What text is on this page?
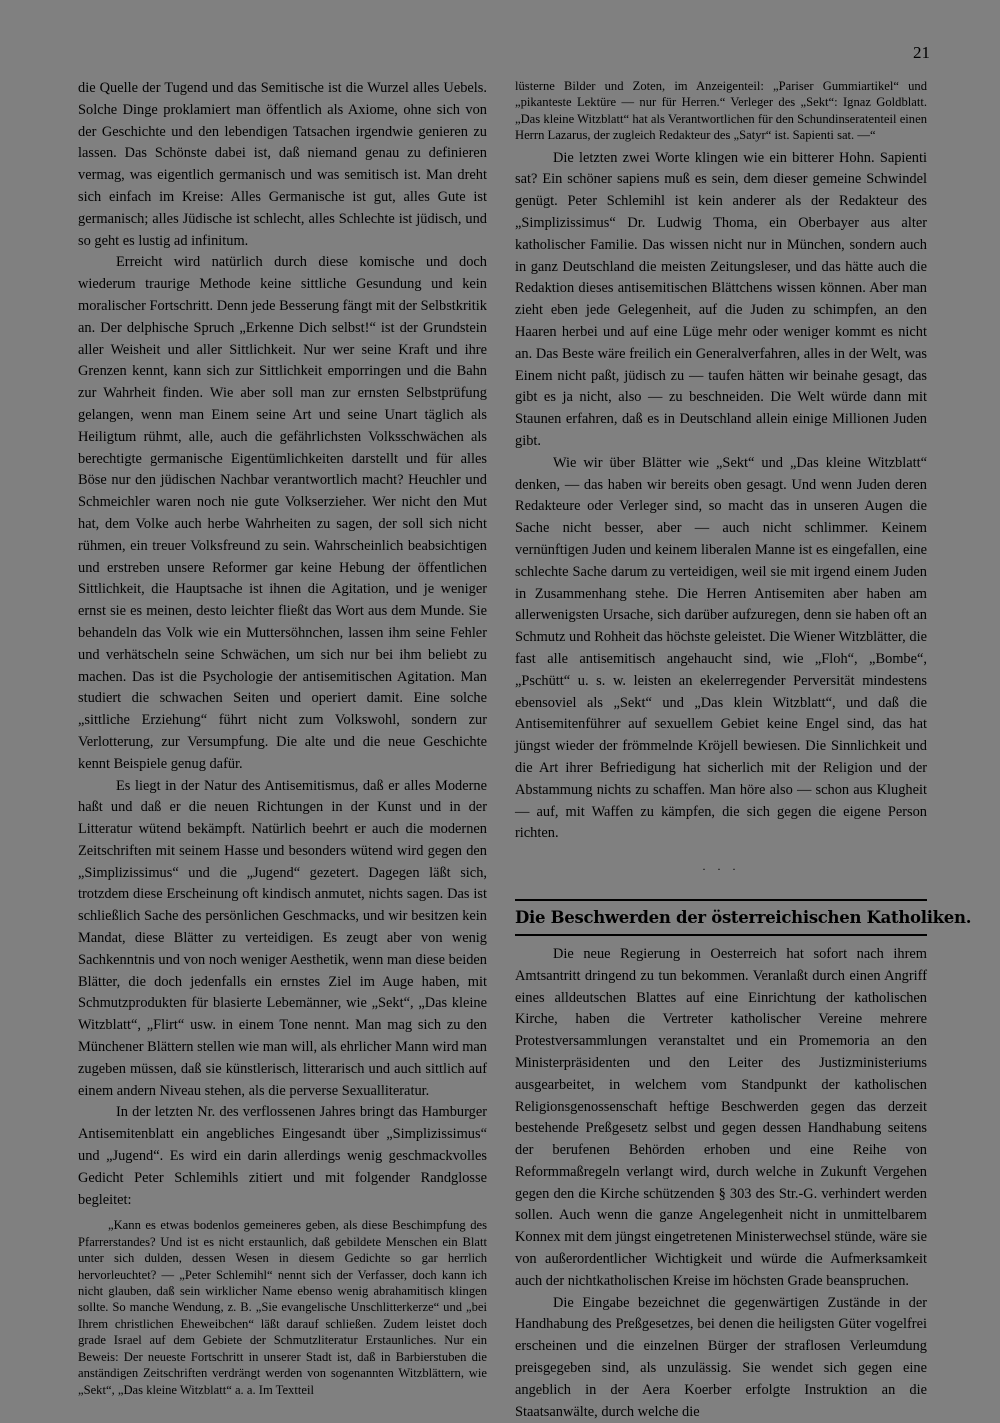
21

die Quelle der Tugend und das Semitische ist die Wurzel alles Uebels. Solche Dinge proklamiert man öffentlich als Axiome, ohne sich von der Geschichte und den lebendigen Tatsachen irgendwie genieren zu lassen. Das Schönste dabei ist, daß niemand genau zu definieren vermag, was eigentlich germanisch und was semitisch ist. Man dreht sich einfach im Kreise: Alles Germanische ist gut, alles Gute ist germanisch; alles Jüdische ist schlecht, alles Schlechte ist jüdisch, und so geht es lustig ad infinitum.

Erreicht wird natürlich durch diese komische und doch wiederum traurige Methode keine sittliche Gesundung und kein moralischer Fortschritt. Denn jede Besserung fängt mit der Selbstkritik an. Der delphische Spruch „Erkenne Dich selbst!“ ist der Grundstein aller Weisheit und aller Sittlichkeit. Nur wer seine Kraft und ihre Grenzen kennt, kann sich zur Sittlichkeit emporringen und die Bahn zur Wahrheit finden. Wie aber soll man zur ernsten Selbstprüfung gelangen, wenn man Einem seine Art und seine Unart täglich als Heiligtum rühmt, alle, auch die gefährlichsten Volksschwächen als berechtigte germanische Eigentümlichkeiten darstellt und für alles Böse nur den jüdischen Nachbar verantwortlich macht? Heuchler und Schmeichler waren noch nie gute Volkserzieher. Wer nicht den Mut hat, dem Volke auch herbe Wahrheiten zu sagen, der soll sich nicht rühmen, ein treuer Volksfreund zu sein. Wahrscheinlich beabsichtigen und erstreben unsere Reformer gar keine Hebung der öffentlichen Sittlichkeit, die Hauptsache ist ihnen die Agitation, und je weniger ernst sie es meinen, desto leichter fließt das Wort aus dem Munde. Sie behandeln das Volk wie ein Muttersöhnchen, lassen ihm seine Fehler und verhätscheln seine Schwächen, um sich nur bei ihm beliebt zu machen. Das ist die Psychologie der antisemitischen Agitation. Man studiert die schwachen Seiten und operiert damit. Eine solche „sittliche Erziehung“ führt nicht zum Volkswohl, sondern zur Verlotterung, zur Versumpfung. Die alte und die neue Geschichte kennt Beispiele genug dafür.

Es liegt in der Natur des Antisemitismus, daß er alles Moderne haßt und daß er die neuen Richtungen in der Kunst und in der Litteratur wütend bekämpft. Natürlich beehrt er auch die modernen Zeitschriften mit seinem Hasse und besonders wütend wird gegen den „Simplizissimus“ und die „Jugend“ gezetert. Dagegen läßt sich, trotzdem diese Erscheinung oft kindisch anmutet, nichts sagen. Das ist schließlich Sache des persönlichen Geschmacks, und wir besitzen kein Mandat, diese Blätter zu verteidigen. Es zeugt aber von wenig Sachkenntnis und von noch weniger Aesthetik, wenn man diese beiden Blätter, die doch jedenfalls ein ernstes Ziel im Auge haben, mit Schmutzprodukten für blasierte Lebemänner, wie „Sekt“, „Das kleine Witzblatt“, „Flirt“ usw. in einem Tone nennt. Man mag sich zu den Münchener Blättern stellen wie man will, als ehrlicher Mann wird man zugeben müssen, daß sie künstlerisch, litterarisch und auch sittlich auf einem andern Niveau stehen, als die perverse Sexualliteratur.

In der letzten Nr. des verflossenen Jahres bringt das Hamburger Antisemitenblatt ein angebliches Eingesandt über „Simplizissimus“ und „Jugend“. Es wird ein darin allerdings wenig geschmackvolles Gedicht Peter Schlemihls zitiert und mit folgender Randglosse begleitet:

„Kann es etwas bodenlos gemeineres geben, als diese Beschimpfung des Pfarrerstandes? Und ist es nicht erstaunlich, daß gebildete Menschen ein Blatt unter sich dulden, dessen Wesen in diesem Gedichte so gar herrlich hervorleuchtet? — „Peter Schlemihl“ nennt sich der Verfasser, doch kann ich nicht glauben, daß sein wirklicher Name ebenso wenig abrahamitisch klingen sollte. So manche Wendung, z. B. „Sie evangelische Unschlitterkerze“ und „bei Ihrem christlichen Eheweibchen“ läßt darauf schließen. Zudem leistet doch grade Israel auf dem Gebiete der Schmutzliteratur Erstaunliches. Nur ein Beweis: Der neueste Fortschritt in unserer Stadt ist, daß in Barbierstuben die anständigen Zeitschriften verdrängt werden von sogenannten Witzblättern, wie „Sekt“, „Das kleine Witzblatt“ a. a. Im Textteil

lüsterne Bilder und Zoten, im Anzeigenteil: „Pariser Gummiartikel“ und „pikanteste Lektüre — nur für Herren.“ Verleger des „Sekt“: Ignaz Goldblatt. „Das kleine Witzblatt“ hat als Verantwortlichen für den Schundinseratenteil einen Herrn Lazarus, der zugleich Redakteur des „Satyr“ ist. Sapienti sat. —“

Die letzten zwei Worte klingen wie ein bitterer Hohn. Sapienti sat? Ein schöner sapiens muß es sein, dem dieser gemeine Schwindel genügt. Peter Schlemihl ist kein anderer als der Redakteur des „Simplizissimus“ Dr. Ludwig Thoma, ein Oberbayer aus alter katholischer Familie. Das wissen nicht nur in München, sondern auch in ganz Deutschland die meisten Zeitungsleser, und das hätte auch die Redaktion dieses antisemitischen Blättchens wissen können. Aber man zieht eben jede Gelegenheit, auf die Juden zu schimpfen, an den Haaren herbei und auf eine Lüge mehr oder weniger kommt es nicht an. Das Beste wäre freilich ein Generalverfahren, alles in der Welt, was Einem nicht paßt, jüdisch zu — taufen hätten wir beinahe gesagt, das gibt es ja nicht, also — zu beschneiden. Die Welt würde dann mit Staunen erfahren, daß es in Deutschland allein einige Millionen Juden gibt.

Wie wir über Blätter wie „Sekt“ und „Das kleine Witzblatt“ denken, — das haben wir bereits oben gesagt. Und wenn Juden deren Redakteure oder Verleger sind, so macht das in unseren Augen die Sache nicht besser, aber — auch nicht schlimmer. Keinem vernünftigen Juden und keinem liberalen Manne ist es eingefallen, eine schlechte Sache darum zu verteidigen, weil sie mit irgend einem Juden in Zusammenhang stehe. Die Herren Antisemiten aber haben am allerwenigsten Ursache, sich darüber aufzuregen, denn sie haben oft an Schmutz und Rohheit das höchste geleistet. Die Wiener Witzblätter, die fast alle antisemitisch angehaucht sind, wie „Floh“, „Bombe“, „Pschütt“ u. s. w. leisten an ekelerregender Perversität mindestens ebensoviel als „Sekt“ und „Das klein Witzblatt“, und daß die Antisemitenführer auf sexuellem Gebiet keine Engel sind, das hat jüngst wieder der frömmelnde Kröjell bewiesen. Die Sinnlichkeit und die Art ihrer Befriedigung hat sicherlich mit der Religion und der Abstammung nichts zu schaffen. Man höre also — schon aus Klugheit — auf, mit Waffen zu kämpfen, die sich gegen die eigene Person richten.

· · ·
Die Beschwerden der österreichischen Katholiken.

Die neue Regierung in Oesterreich hat sofort nach ihrem Amtsantritt dringend zu tun bekommen. Veranlaßt durch einen Angriff eines alldeutschen Blattes auf eine Einrichtung der katholischen Kirche, haben die Vertreter katholischer Vereine mehrere Protestversammlungen veranstaltet und ein Promemoria an den Ministerpräsidenten und den Leiter des Justizministeriums ausgearbeitet, in welchem vom Standpunkt der katholischen Religionsgenossenschaft heftige Beschwerden gegen das derzeit bestehende Preßgesetz selbst und gegen dessen Handhabung seitens der berufenen Behörden erhoben und eine Reihe von Reformmaßregeln verlangt wird, durch welche in Zukunft Vergehen gegen den die Kirche schützenden § 303 des Str.-G. verhindert werden sollen. Auch wenn die ganze Angelegenheit nicht in unmittelbarem Konnex mit dem jüngst eingetretenen Ministerwechsel stünde, wäre sie von außerordentlicher Wichtigkeit und würde die Aufmerksamkeit auch der nichtkatholischen Kreise im höchsten Grade beanspruchen.

Die Eingabe bezeichnet die gegenwärtigen Zustände in der Handhabung des Preßgesetzes, bei denen die heiligsten Güter vogelfrei erscheinen und die einzelnen Bürger der straflosen Verleumdung preisgegeben sind, als unzulässig. Sie wendet sich gegen eine angeblich in der Aera Koerber erfolgte Instruktion an die Staatsanwälte, durch welche die
